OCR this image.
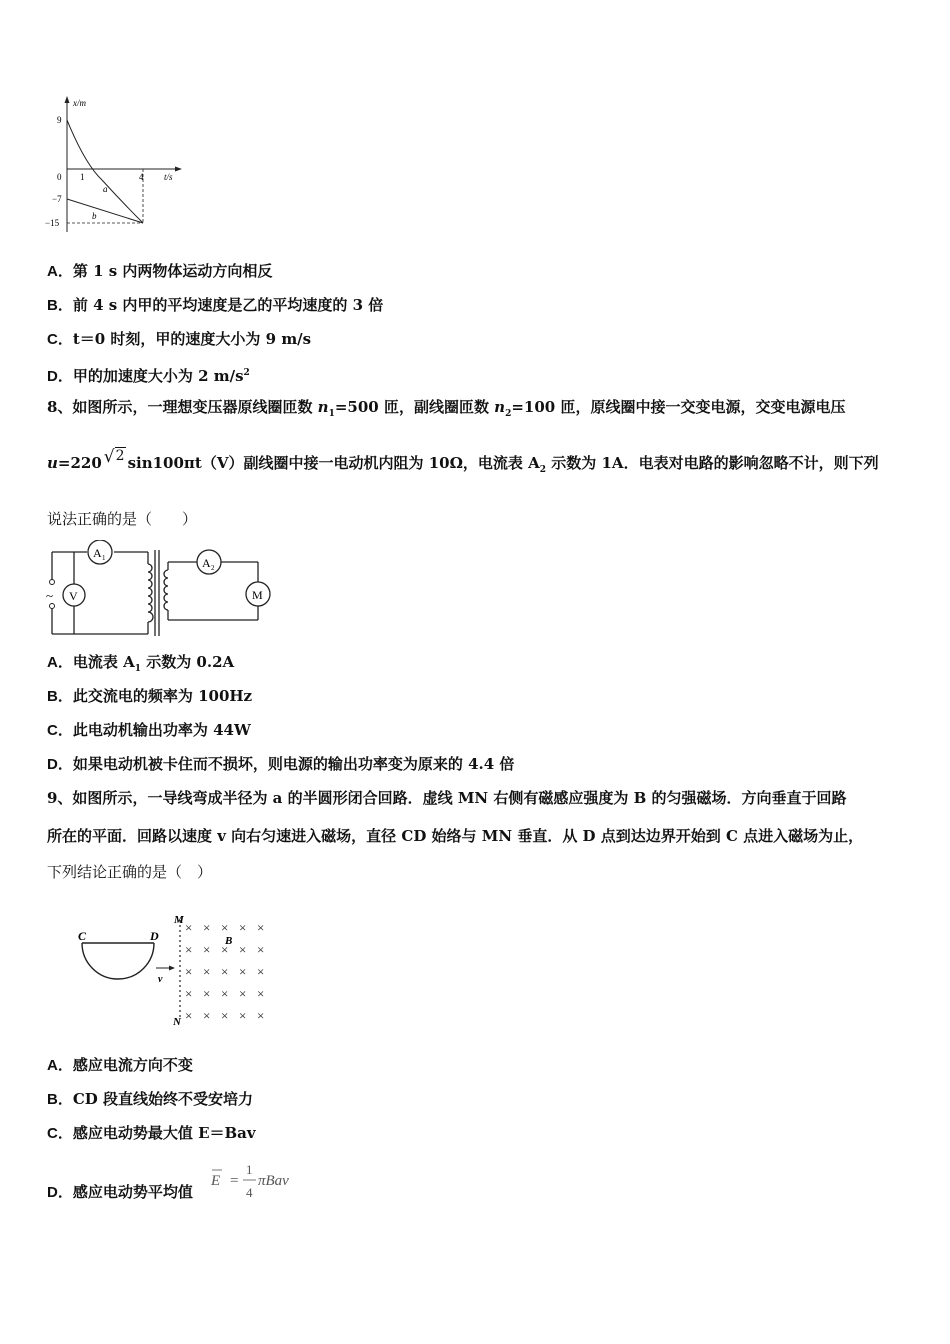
x/m
9
0
−7
−15
1	4 t/s
a
b
A．第 1 s 内两物体运动方向相反
B．前 4 s 内甲的平均速度是乙的平均速度的 3 倍
C．t＝0 时刻，甲的速度大小为 9 m/s
D．甲的加速度大小为 2 $m/s^2$
8、如图所示，一理想变压器原线圈匝数 $n_1=500$ 匝，副线圈匝数 $n_2=100$ 匝，原线圈中接一交变电源，交变电源电压
u=220 √2 sin100πt（V）副线圈中接一电动机内阻为 10Ω，电流表 $A_2$ 示数为 1A．电表对电路的影响忽略不计，则下列
说法正确的是（　　）
~
A 1
V
A 2
M
A．电流表 $A_1$ 示数为 0.2A
B．此交流电的频率为 100Hz
C．此电动机输出功率为 44W
D．如果电动机被卡住而不损坏，则电源的输出功率变为原来的 4.4 倍
9、如图所示，一导线弯成半径为 a 的半圆形闭合回路．虚线 MN 右侧有磁感应强度为 B 的匀强磁场．方向垂直于回路
所在的平面．回路以速度 v 向右匀速进入磁场，直径 CD 始络与 MN 垂直．从 D 点到达边界开始到 C 点进入磁场为止，
下列结论正确的是（　）
C	D
v
M
N
B
× × × × ×
× × × × ×
× × × × ×
× × × × ×
× × × × ×
A．感应电流方向不变
B．CD 段直线始终不受安培力
C．感应电动势最大值 E＝Bav
D．感应电动势平均值
E =
1
4
πBav
